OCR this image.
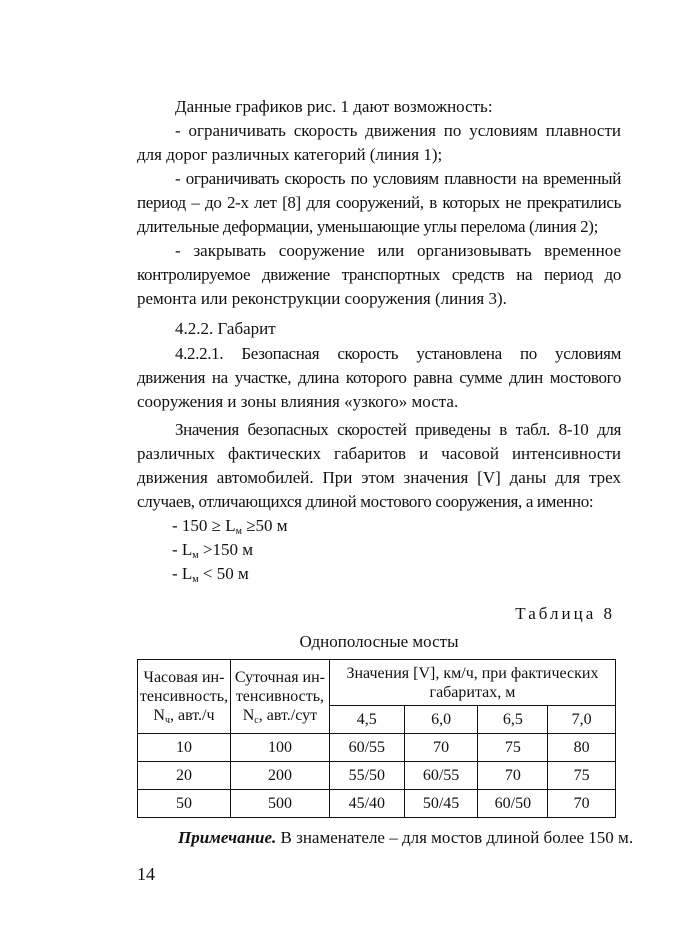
Данные графиков рис. 1 дают возможность:
- ограничивать скорость движения по условиям плавности
для дорог различных категорий (линия 1);
- ограничивать скорость по условиям плавности на временный
период – до 2-х лет [8] для сооружений, в которых не прекратились
длительные деформации, уменьшающие углы перелома (линия 2);
- закрывать сооружение или организовывать временное
контролируемое движение транспортных средств на период до
ремонта или реконструкции сооружения (линия 3).
4.2.2. Габарит
4.2.2.1. Безопасная скорость установлена по условиям
движения на участке, длина которого равна сумме длин мостового
сооружения и зоны влияния «узкого» моста.
Значения безопасных скоростей приведены в табл. 8-10 для
различных фактических габаритов и часовой интенсивности
движения автомобилей. При этом значения [V] даны для трех
случаев, отличающихся длиной мостового сооружения, а именно:
- $150 \ge L_м \ge 50$ м
- $L_м >150$ м
- $L_м < 50$ м
Таблица 8
Однополосные мосты
Часовая ин-тенсивность,
$N_ч$, авт./ч	Суточная ин-тенсивность,
$N_с$, авт./сут	Значения [V], км/ч, при фактических габаритах, м			
		4,5	6,0	6,5	7,0
10	100	60/55	70	75	80
20	200	55/50	60/55	70	75
50	500	45/40	50/45	60/50	70
Примечание. В знаменателе – для мостов длиной более 150 м.
14
